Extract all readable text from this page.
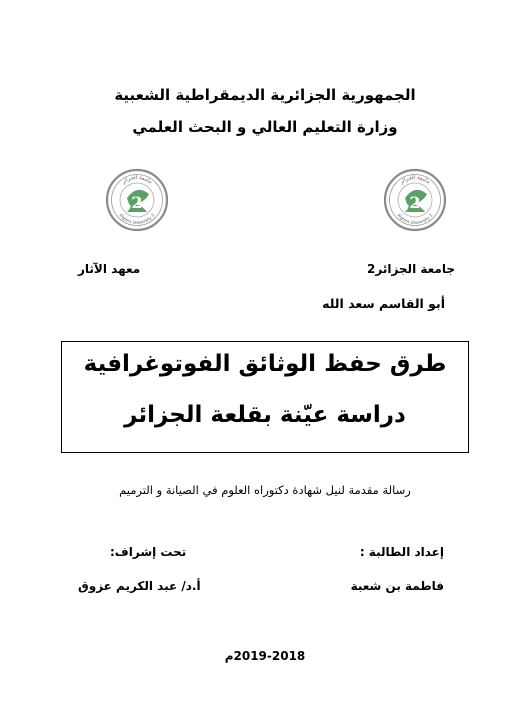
الجمهورية الجزائرية الديمقراطية الشعبية
وزارة التعليم العالي و البحث العلمي
جامعة الجزائر
Algiers University 2
2
جامعة الجزائر
Algiers University 2
2
جامعة الجزائر2
معهد الآثار
أبو القاسم سعد الله
طرق حفظ الوثائق الفوتوغرافية
دراسة عيّنة بقلعة الجزائر
رسالة مقدمة لنيل شهادة دكتوراه العلوم في الصيانة و الترميم
إعداد الطالبة :
تحت إشراف:
فاطمة بن شعبة
أ.د/ عبد الكريم عزوق
2019-2018م
